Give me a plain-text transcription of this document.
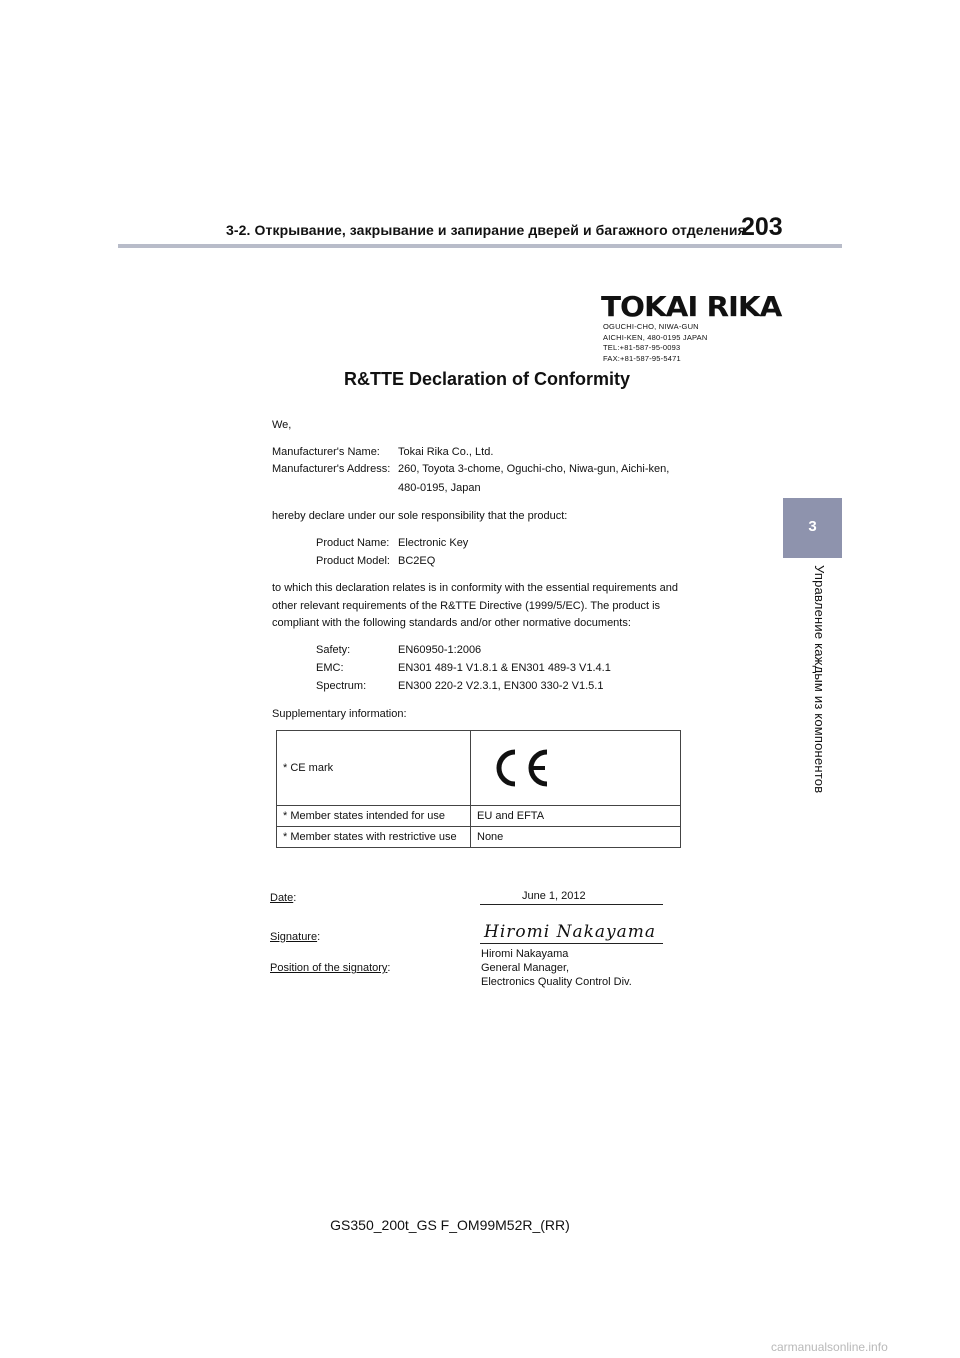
3-2. Открывание, закрывание и запирание дверей и багажного отделения
203
3
Управление каждым из компонентов
TOKAI RIKA
OGUCHI-CHO, NIWA-GUN
AICHI-KEN, 480-0195 JAPAN
TEL:+81-587-95-0093
FAX:+81-587-95-5471
R&TTE Declaration of Conformity
We,
Manufacturer's Name: Tokai Rika Co., Ltd.
Manufacturer's Address: 260, Toyota 3-chome, Oguchi-cho, Niwa-gun, Aichi-ken,
480-0195, Japan
hereby declare under our sole responsibility that the product:
Product Name: Electronic Key
Product Model: BC2EQ
to which this declaration relates is in conformity with the essential requirements and
other relevant requirements of the R&TTE Directive (1999/5/EC). The product is
compliant with the following standards and/or other normative documents:
Safety:	EN60950-1:2006
EMC:	EN301 489-1 V1.8.1 & EN301 489-3 V1.4.1
Spectrum:	EN300 220-2 V2.3.1, EN300 330-2 V1.5.1
Supplementary information:
* CE mark	

* Member states intended for use	EU and EFTA
* Member states with restrictive use	None
Date:	June 1, 2012
Signature:	Hiromi Nakayama
Hiromi Nakayama
Position of the signatory:	General Manager,
Electronics Quality Control Div.
GS350_200t_GS F_OM99M52R_(RR)
carmanualsonline.info
